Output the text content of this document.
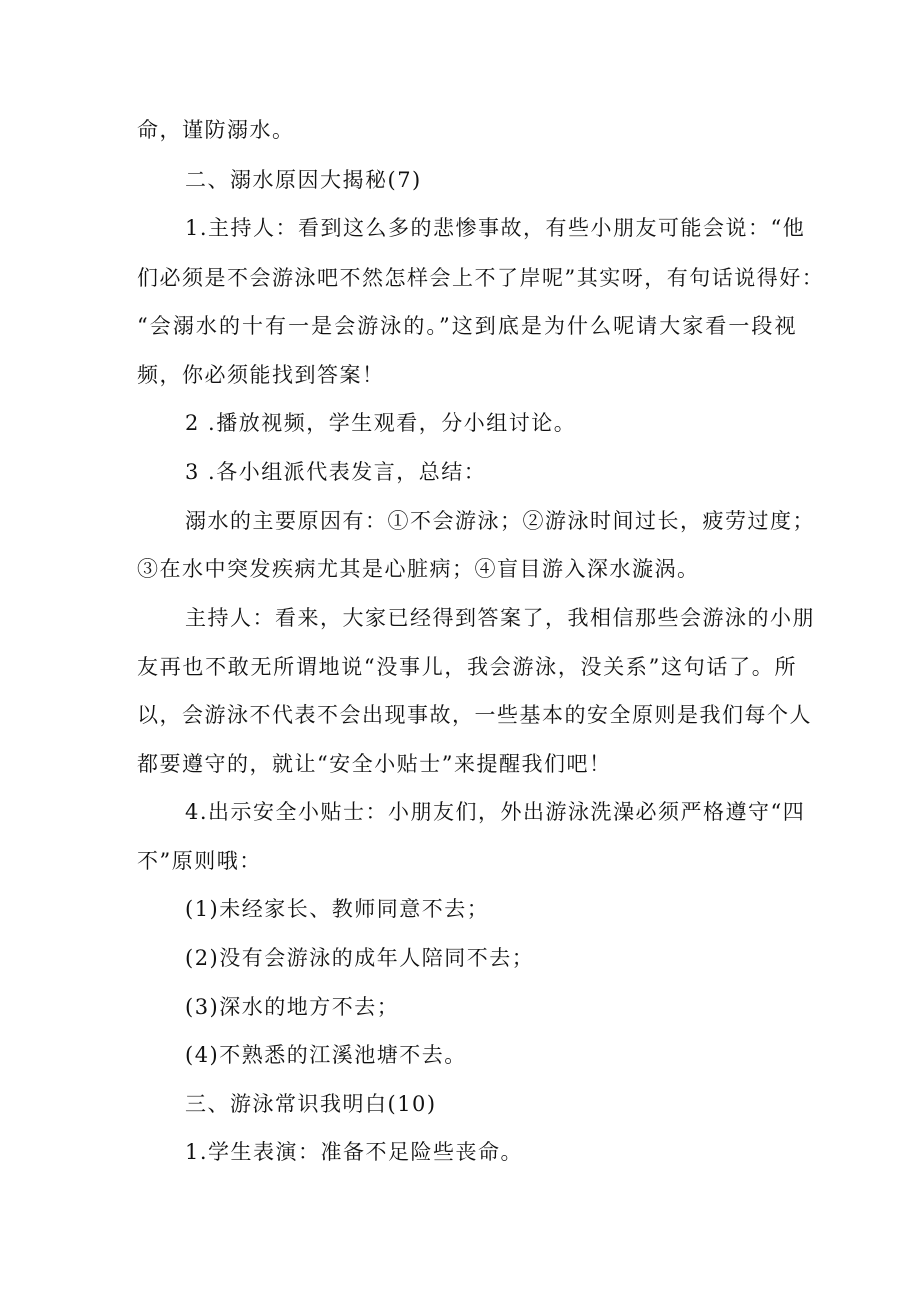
命，谨防溺水。
二、溺水原因大揭秘(7)
1.主持人：看到这么多的悲惨事故，有些小朋友可能会说：“他
们必须是不会游泳吧不然怎样会上不了岸呢”其实呀，有句话说得好：
“会溺水的十有一是会游泳的。”这到底是为什么呢请大家看一段视
频，你必须能找到答案！
2 .播放视频，学生观看，分小组讨论。
3 .各小组派代表发言，总结：
溺水的主要原因有：①不会游泳；②游泳时间过长，疲劳过度；
③在水中突发疾病尤其是心脏病；④盲目游入深水漩涡。
主持人：看来，大家已经得到答案了，我相信那些会游泳的小朋
友再也不敢无所谓地说“没事儿，我会游泳，没关系”这句话了。所
以，会游泳不代表不会出现事故，一些基本的安全原则是我们每个人
都要遵守的，就让“安全小贴士”来提醒我们吧！
4.出示安全小贴士：小朋友们，外出游泳洗澡必须严格遵守“四
不”原则哦：
(1)未经家长、教师同意不去；
(2)没有会游泳的成年人陪同不去；
(3)深水的地方不去；
(4)不熟悉的江溪池塘不去。
三、游泳常识我明白(10)
1.学生表演：准备不足险些丧命。
